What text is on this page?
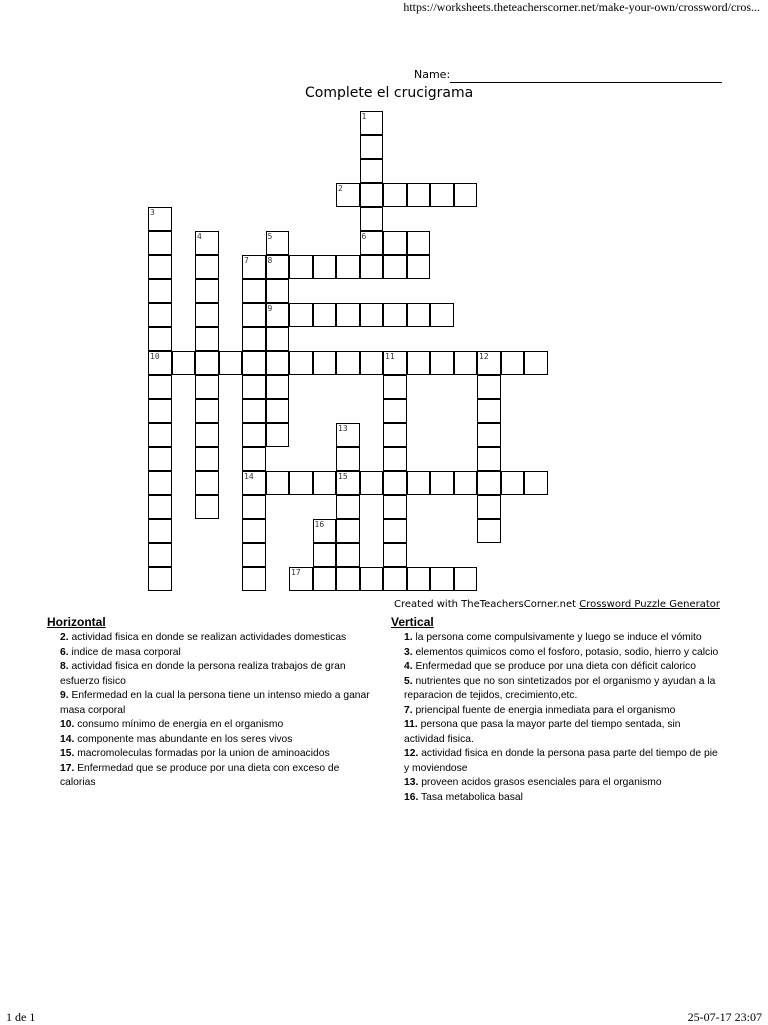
https://worksheets.theteacherscorner.net/make-your-own/crossword/cros...
Name:
Complete el crucigrama
1
6
2
3
10
4	5
8
9
7
14
11	12
13
15
16
17
Created with TheTeachersCorner.net Crossword Puzzle Generator
Horizontal
2. actividad fisica en donde se realizan actividades domesticas
6. indice de masa corporal
8. actividad fisica en donde la persona realiza trabajos de gran esfuerzo fisico
9. Enfermedad en la cual la persona tiene un intenso miedo a ganar masa corporal
10. consumo mínimo de energia en el organismo
14. componente mas abundante en los seres vivos
15. macromoleculas formadas por la union de aminoacidos
17. Enfermedad que se produce por una dieta con exceso de calorias
Vertical
1. la persona come compulsivamente y luego se induce el vómito
3. elementos quimicos como el fosforo, potasio, sodio, hierro y calcio
4. Enfermedad que se produce por una dieta con déficit calorico
5. nutrientes que no son sintetizados por el organismo y ayudan a la reparacion de tejidos, crecimiento,etc.
7. priencipal fuente de energia inmediata para el organismo
11. persona que pasa la mayor parte del tiempo sentada, sin actividad fisica.
12. actividad fisica en donde la persona pasa parte del tiempo de pie y moviendose
13. proveen acidos grasos esenciales para el organismo
16. Tasa metabolica basal
1 de 1	25-07-17 23:07
